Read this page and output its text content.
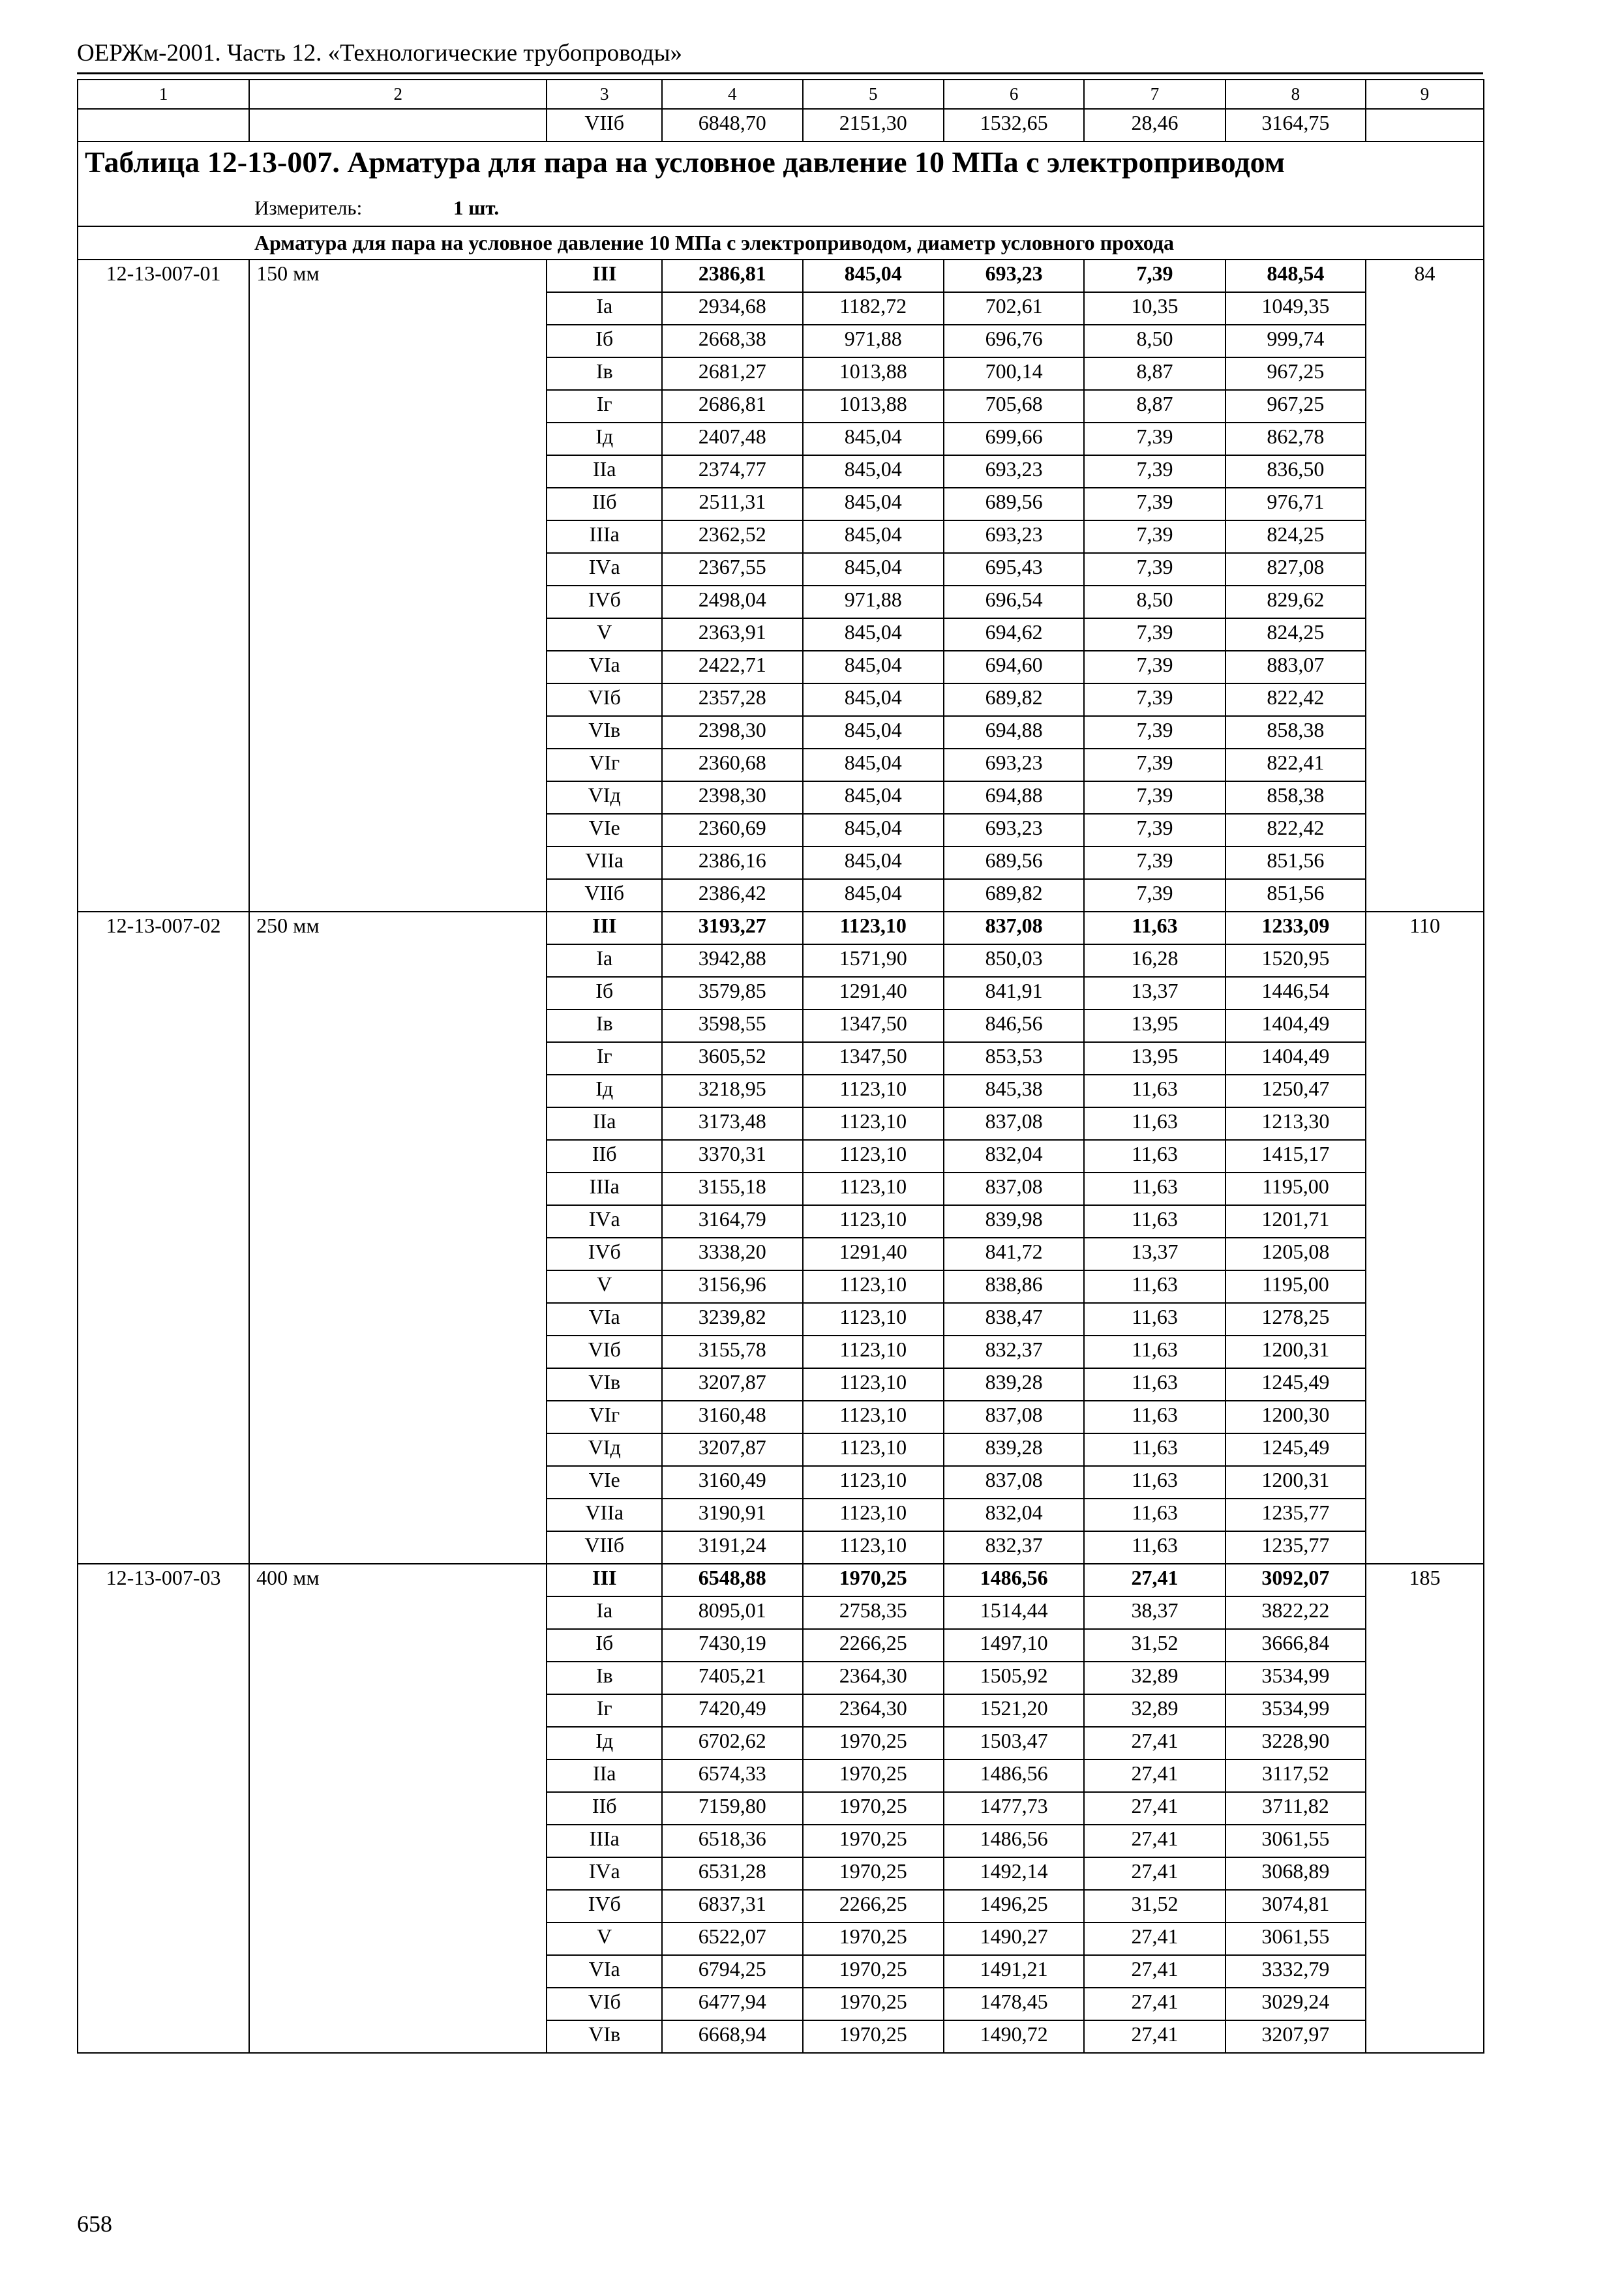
ОЕРЖм-2001. Часть 12. «Технологические трубопроводы»
1	2	3	4	5	6	7	8	9
		VIIб	6848,70	2151,30	1532,65	28,46	3164,75	
Таблица 12-13-007. Арматура для пара на условное давление 10 МПа с электроприводом								
Измеритель: 1 шт.								
Арматура для пара на условное давление 10 МПа с электроприводом, диаметр условного прохода								
12-13-007-01	150 мм	III	2386,81	845,04	693,23	7,39	848,54	84
		Iа	2934,68	1182,72	702,61	10,35	1049,35	
		Iб	2668,38	971,88	696,76	8,50	999,74	
		Iв	2681,27	1013,88	700,14	8,87	967,25	
		Iг	2686,81	1013,88	705,68	8,87	967,25	
		Iд	2407,48	845,04	699,66	7,39	862,78	
		IIа	2374,77	845,04	693,23	7,39	836,50	
		IIб	2511,31	845,04	689,56	7,39	976,71	
		IIIа	2362,52	845,04	693,23	7,39	824,25	
		IVа	2367,55	845,04	695,43	7,39	827,08	
		IVб	2498,04	971,88	696,54	8,50	829,62	
		V	2363,91	845,04	694,62	7,39	824,25	
		VIа	2422,71	845,04	694,60	7,39	883,07	
		VIб	2357,28	845,04	689,82	7,39	822,42	
		VIв	2398,30	845,04	694,88	7,39	858,38	
		VIг	2360,68	845,04	693,23	7,39	822,41	
		VIд	2398,30	845,04	694,88	7,39	858,38	
		VIе	2360,69	845,04	693,23	7,39	822,42	
		VIIа	2386,16	845,04	689,56	7,39	851,56	
		VIIб	2386,42	845,04	689,82	7,39	851,56	
12-13-007-02	250 мм	III	3193,27	1123,10	837,08	11,63	1233,09	110
		Iа	3942,88	1571,90	850,03	16,28	1520,95	
		Iб	3579,85	1291,40	841,91	13,37	1446,54	
		Iв	3598,55	1347,50	846,56	13,95	1404,49	
		Iг	3605,52	1347,50	853,53	13,95	1404,49	
		Iд	3218,95	1123,10	845,38	11,63	1250,47	
		IIа	3173,48	1123,10	837,08	11,63	1213,30	
		IIб	3370,31	1123,10	832,04	11,63	1415,17	
		IIIа	3155,18	1123,10	837,08	11,63	1195,00	
		IVа	3164,79	1123,10	839,98	11,63	1201,71	
		IVб	3338,20	1291,40	841,72	13,37	1205,08	
		V	3156,96	1123,10	838,86	11,63	1195,00	
		VIа	3239,82	1123,10	838,47	11,63	1278,25	
		VIб	3155,78	1123,10	832,37	11,63	1200,31	
		VIв	3207,87	1123,10	839,28	11,63	1245,49	
		VIг	3160,48	1123,10	837,08	11,63	1200,30	
		VIд	3207,87	1123,10	839,28	11,63	1245,49	
		VIе	3160,49	1123,10	837,08	11,63	1200,31	
		VIIа	3190,91	1123,10	832,04	11,63	1235,77	
		VIIб	3191,24	1123,10	832,37	11,63	1235,77	
12-13-007-03	400 мм	III	6548,88	1970,25	1486,56	27,41	3092,07	185
		Iа	8095,01	2758,35	1514,44	38,37	3822,22	
		Iб	7430,19	2266,25	1497,10	31,52	3666,84	
		Iв	7405,21	2364,30	1505,92	32,89	3534,99	
		Iг	7420,49	2364,30	1521,20	32,89	3534,99	
		Iд	6702,62	1970,25	1503,47	27,41	3228,90	
		IIа	6574,33	1970,25	1486,56	27,41	3117,52	
		IIб	7159,80	1970,25	1477,73	27,41	3711,82	
		IIIа	6518,36	1970,25	1486,56	27,41	3061,55	
		IVа	6531,28	1970,25	1492,14	27,41	3068,89	
		IVб	6837,31	2266,25	1496,25	31,52	3074,81	
		V	6522,07	1970,25	1490,27	27,41	3061,55	
		VIа	6794,25	1970,25	1491,21	27,41	3332,79	
		VIб	6477,94	1970,25	1478,45	27,41	3029,24	
		VIв	6668,94	1970,25	1490,72	27,41	3207,97	
658
